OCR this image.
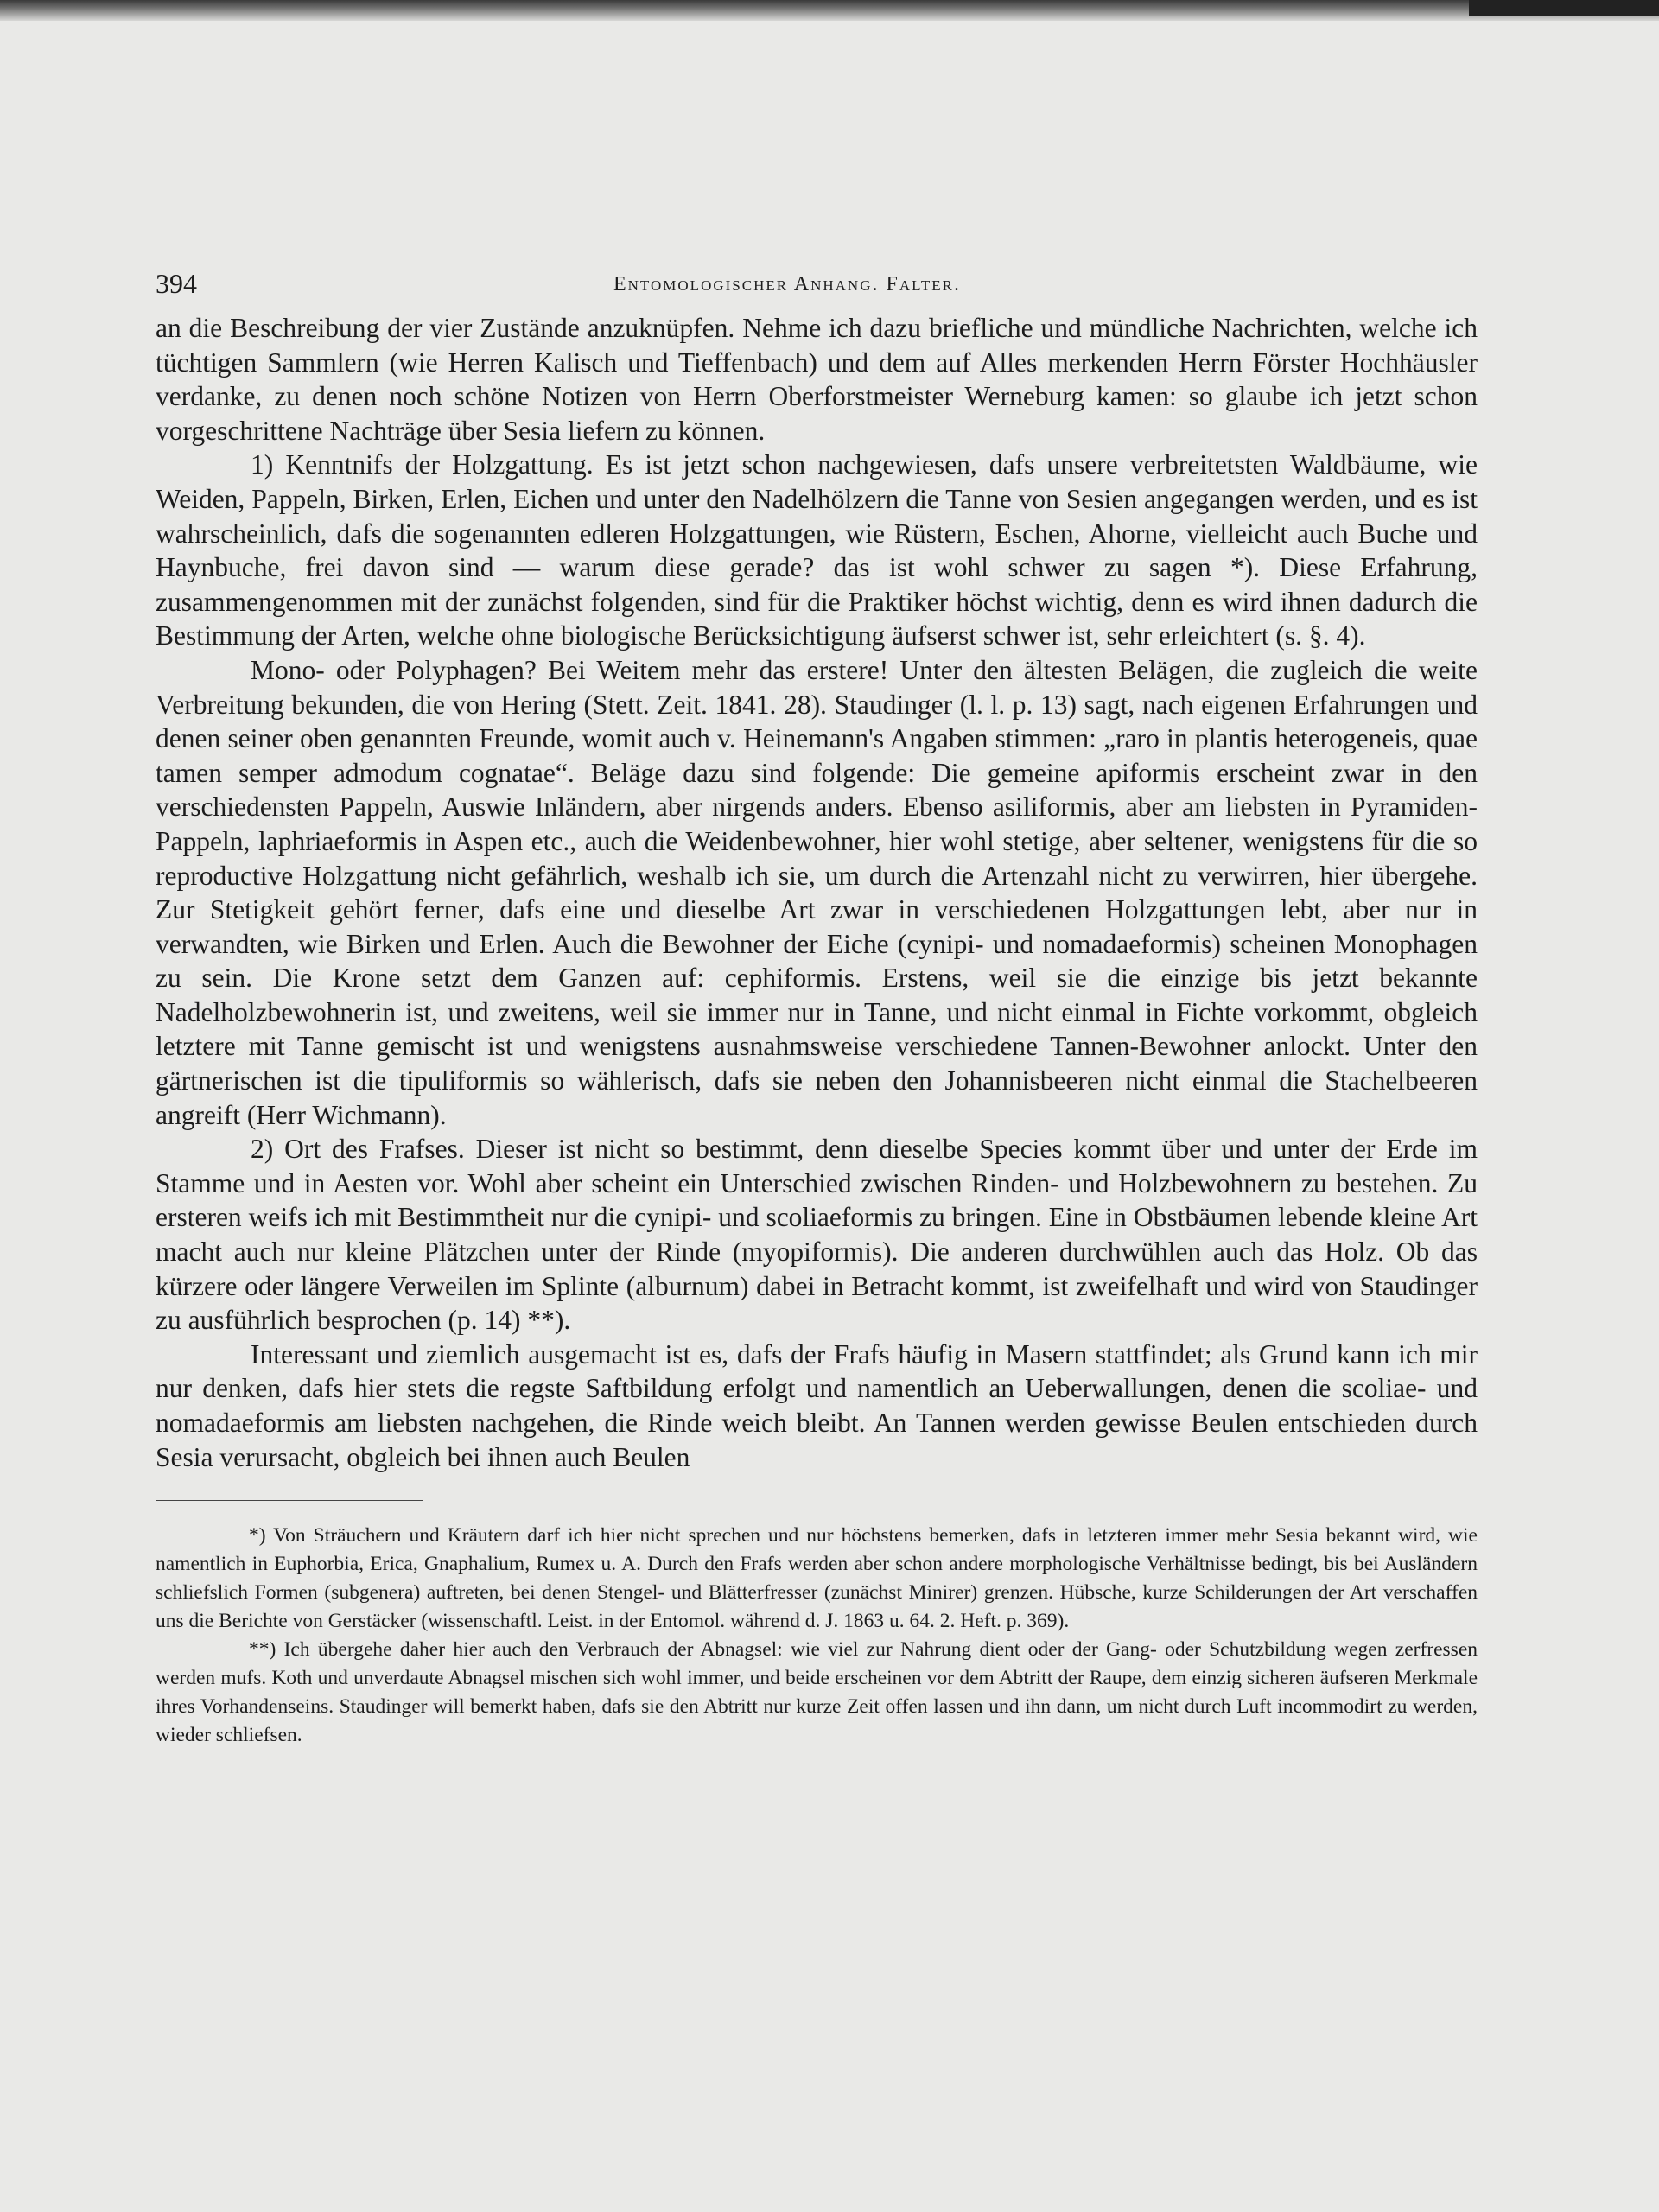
394	Entomologischer Anhang. Falter.

an die Beschreibung der vier Zustände anzuknüpfen. Nehme ich dazu briefliche und mündliche Nachrichten, welche ich tüchtigen Sammlern (wie Herren Kalisch und Tieffenbach) und dem auf Alles merkenden Herrn Förster Hochhäusler verdanke, zu denen noch schöne Notizen von Herrn Oberforstmeister Werneburg kamen: so glaube ich jetzt schon vorgeschrittene Nachträge über Sesia liefern zu können.

1) Kenntnifs der Holzgattung. Es ist jetzt schon nachgewiesen, dafs unsere verbreitetsten Waldbäume, wie Weiden, Pappeln, Birken, Erlen, Eichen und unter den Nadelhölzern die Tanne von Sesien angegangen werden, und es ist wahrscheinlich, dafs die sogenannten edleren Holzgattungen, wie Rüstern, Eschen, Ahorne, vielleicht auch Buche und Haynbuche, frei davon sind — warum diese gerade? das ist wohl schwer zu sagen *). Diese Erfahrung, zusammengenommen mit der zunächst folgenden, sind für die Praktiker höchst wichtig, denn es wird ihnen dadurch die Bestimmung der Arten, welche ohne biologische Berücksichtigung äufserst schwer ist, sehr erleichtert (s. §. 4).

Mono- oder Polyphagen? Bei Weitem mehr das erstere! Unter den ältesten Belägen, die zugleich die weite Verbreitung bekunden, die von Hering (Stett. Zeit. 1841. 28). Staudinger (l. l. p. 13) sagt, nach eigenen Erfahrungen und denen seiner oben genannten Freunde, womit auch v. Heinemann's Angaben stimmen: „raro in plantis heterogeneis, quae tamen semper admodum cognatae“. Beläge dazu sind folgende: Die gemeine apiformis erscheint zwar in den verschiedensten Pappeln, Auswie Inländern, aber nirgends anders. Ebenso asiliformis, aber am liebsten in Pyramiden-Pappeln, laphriaeformis in Aspen etc., auch die Weidenbewohner, hier wohl stetige, aber seltener, wenigstens für die so reproductive Holzgattung nicht gefährlich, weshalb ich sie, um durch die Artenzahl nicht zu verwirren, hier übergehe. Zur Stetigkeit gehört ferner, dafs eine und dieselbe Art zwar in verschiedenen Holzgattungen lebt, aber nur in verwandten, wie Birken und Erlen. Auch die Bewohner der Eiche (cynipi- und nomadaeformis) scheinen Monophagen zu sein. Die Krone setzt dem Ganzen auf: cephiformis. Erstens, weil sie die einzige bis jetzt bekannte Nadelholzbewohnerin ist, und zweitens, weil sie immer nur in Tanne, und nicht einmal in Fichte vorkommt, obgleich letztere mit Tanne gemischt ist und wenigstens ausnahmsweise verschiedene Tannen-Bewohner anlockt. Unter den gärtnerischen ist die tipuliformis so wählerisch, dafs sie neben den Johannisbeeren nicht einmal die Stachelbeeren angreift (Herr Wichmann).

2) Ort des Frafses. Dieser ist nicht so bestimmt, denn dieselbe Species kommt über und unter der Erde im Stamme und in Aesten vor. Wohl aber scheint ein Unterschied zwischen Rinden- und Holzbewohnern zu bestehen. Zu ersteren weifs ich mit Bestimmtheit nur die cynipi- und scoliaeformis zu bringen. Eine in Obstbäumen lebende kleine Art macht auch nur kleine Plätzchen unter der Rinde (myopiformis). Die anderen durchwühlen auch das Holz. Ob das kürzere oder längere Verweilen im Splinte (alburnum) dabei in Betracht kommt, ist zweifelhaft und wird von Staudinger zu ausführlich besprochen (p. 14) **).

Interessant und ziemlich ausgemacht ist es, dafs der Frafs häufig in Masern stattfindet; als Grund kann ich mir nur denken, dafs hier stets die regste Saftbildung erfolgt und namentlich an Ueberwallungen, denen die scoliae- und nomadaeformis am liebsten nachgehen, die Rinde weich bleibt. An Tannen werden gewisse Beulen entschieden durch Sesia verursacht, obgleich bei ihnen auch Beulen

*) Von Sträuchern und Kräutern darf ich hier nicht sprechen und nur höchstens bemerken, dafs in letzteren immer mehr Sesia bekannt wird, wie namentlich in Euphorbia, Erica, Gnaphalium, Rumex u. A. Durch den Frafs werden aber schon andere morphologische Verhältnisse bedingt, bis bei Ausländern schliefslich Formen (subgenera) auftreten, bei denen Stengel- und Blätterfresser (zunächst Minirer) grenzen. Hübsche, kurze Schilderungen der Art verschaffen uns die Berichte von Gerstäcker (wissenschaftl. Leist. in der Entomol. während d. J. 1863 u. 64. 2. Heft. p. 369).

**) Ich übergehe daher hier auch den Verbrauch der Abnagsel: wie viel zur Nahrung dient oder der Gang- oder Schutzbildung wegen zerfressen werden mufs. Koth und unverdaute Abnagsel mischen sich wohl immer, und beide erscheinen vor dem Abtritt der Raupe, dem einzig sicheren äufseren Merkmale ihres Vorhandenseins. Staudinger will bemerkt haben, dafs sie den Abtritt nur kurze Zeit offen lassen und ihn dann, um nicht durch Luft incommodirt zu werden, wieder schliefsen.
